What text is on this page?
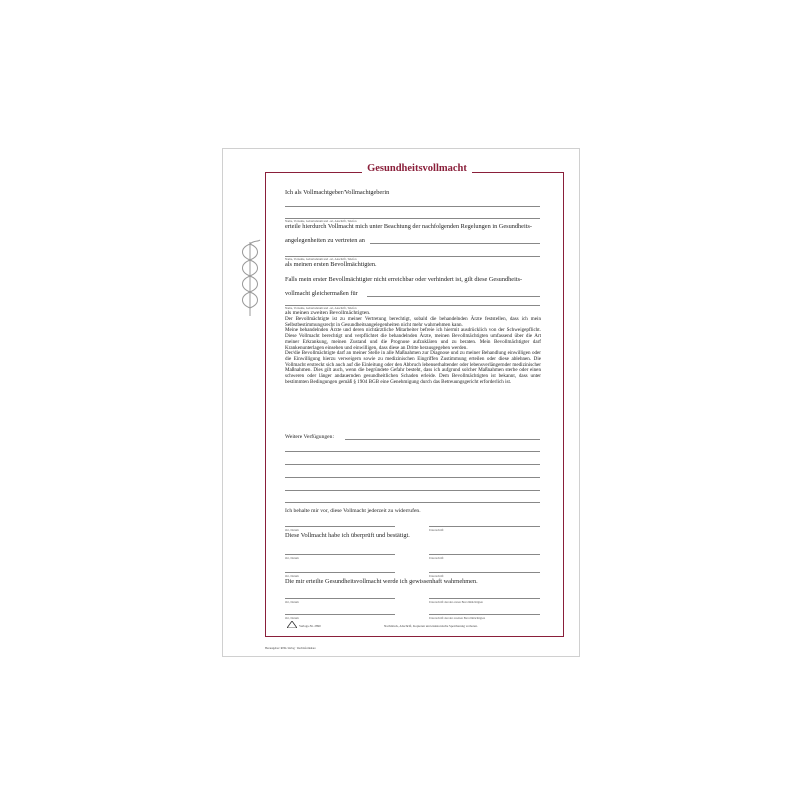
Gesundheitsvollmacht
Ich als Vollmachtgeber/Vollmachtgeberin
Name, Vorname, Geburtsdatum und -ort, Anschrift, Telefon
erteile hierdurch Vollmacht mich unter Beachtung der nachfolgenden Regelungen in Gesundheits-
angelegenheiten zu vertreten an
Name, Vorname, Geburtsdatum und -ort, Anschrift, Telefon
als meinen ersten Bevollmächtigten.
Falls mein erster Bevollmächtigter nicht erreichbar oder verhindert ist, gilt diese Gesundheits-
vollmacht gleichermaßen für
Name, Vorname, Geburtsdatum und -ort, Anschrift, Telefon
als meinen zweiten Bevollmächtigten.

Der Bevollmächtigte ist zu meiner Vertretung berechtigt, sobald die behandelnden Ärzte feststellen, dass ich mein Selbstbestimmungsrecht in Gesundheitsangelegenheiten nicht mehr wahrnehmen kann.

Meine behandelnden Ärzte und deren nichtärztliche Mitarbeiter befreie ich hiermit ausdrücklich von der Schweigepflicht. Diese Vollmacht berechtigt und verpflichtet die behandelnden Ärzte, meinen Bevollmächtigten umfassend über die Art meiner Erkrankung, meinen Zustand und die Prognose aufzuklären und zu beraten. Mein Bevollmächtigter darf Krankenunterlagen einsehen und einwilligen, dass diese an Dritte herausgegeben werden.

Der/die Bevollmächtigte darf an meiner Stelle in alle Maßnahmen zur Diagnose und zu meiner Behandlung einwilligen oder die Einwilligung hierzu verweigern sowie zu medizinischen Eingriffen Zustimmung erteilen oder diese ablehnen. Die Vollmacht erstreckt sich auch auf die Einleitung oder den Abbruch lebenserhaltender oder lebensverlängernder medizinischer Maßnahmen. Dies gilt auch, wenn die begründete Gefahr besteht, dass ich aufgrund solcher Maßnahmen sterbe oder einen schweren oder länger andauernden gesundheitlichen Schaden erleide. Dem Bevollmächtigten ist bekannt, dass unter bestimmten Bedingungen gemäß § 1904 BGB eine Genehmigung durch das Betreuungsgericht erforderlich ist.

Weitere Verfügungen:
Ich behalte mir vor, diese Vollmacht jederzeit zu widerrufen.
Ort, Datum	Unterschrift
Diese Vollmacht habe ich überprüft und bestätigt.
Ort, Datum	Unterschrift
Ort, Datum	Unterschrift
Die mir erteilte Gesundheitsvollmacht werde ich gewissenhaft wahrnehmen.
Ort, Datum	Unterschrift des/der ersten Bevollmächtigten
Ort, Datum	Unterschrift des/der zweiten Bevollmächtigten
Verlags-Nr. 2890	Nachdruck, Abschrift, Kopieren und elektronische Speicherung verboten.
Herausgeber: RNK-Verlag · Rechtsformulare
